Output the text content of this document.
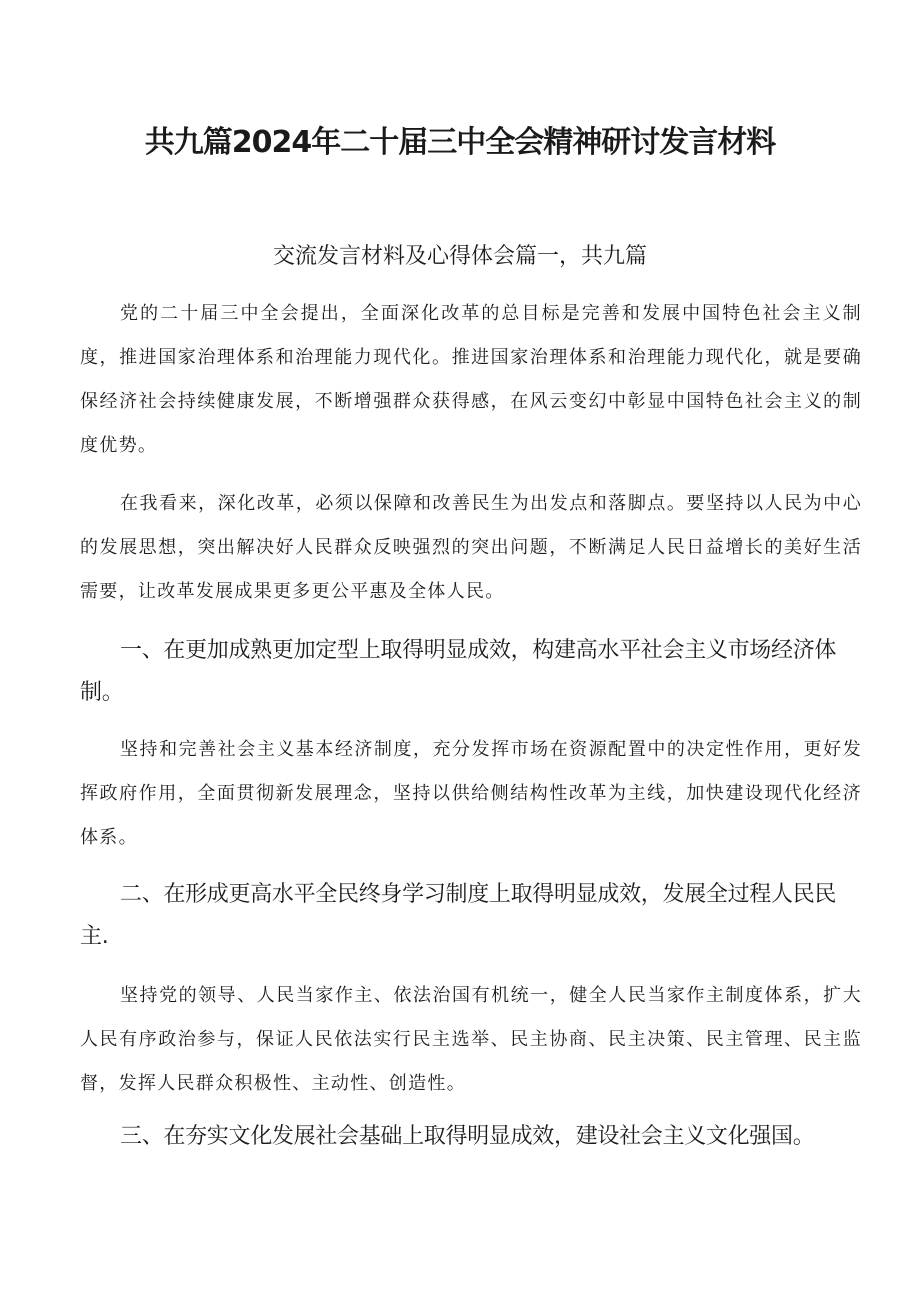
共九篇2024年二十届三中全会精神研讨发言材料
交流发言材料及心得体会篇一，共九篇

党的二十届三中全会提出，全面深化改革的总目标是完善和发展中国特色社会主义制度，推进国家治理体系和治理能力现代化。推进国家治理体系和治理能力现代化，就是要确保经济社会持续健康发展，不断增强群众获得感，在风云变幻中彰显中国特色社会主义的制度优势。

在我看来，深化改革，必须以保障和改善民生为出发点和落脚点。要坚持以人民为中心的发展思想，突出解决好人民群众反映强烈的突出问题，不断满足人民日益增长的美好生活需要，让改革发展成果更多更公平惠及全体人民。

一、在更加成熟更加定型上取得明显成效，构建高水平社会主义市场经济体制。

坚持和完善社会主义基本经济制度，充分发挥市场在资源配置中的决定性作用，更好发挥政府作用，全面贯彻新发展理念，坚持以供给侧结构性改革为主线，加快建设现代化经济体系。

二、在形成更高水平全民终身学习制度上取得明显成效，发展全过程人民民主.

坚持党的领导、人民当家作主、依法治国有机统一，健全人民当家作主制度体系，扩大人民有序政治参与，保证人民依法实行民主选举、民主协商、民主决策、民主管理、民主监督，发挥人民群众积极性、主动性、创造性。

三、在夯实文化发展社会基础上取得明显成效，建设社会主义文化强国。
